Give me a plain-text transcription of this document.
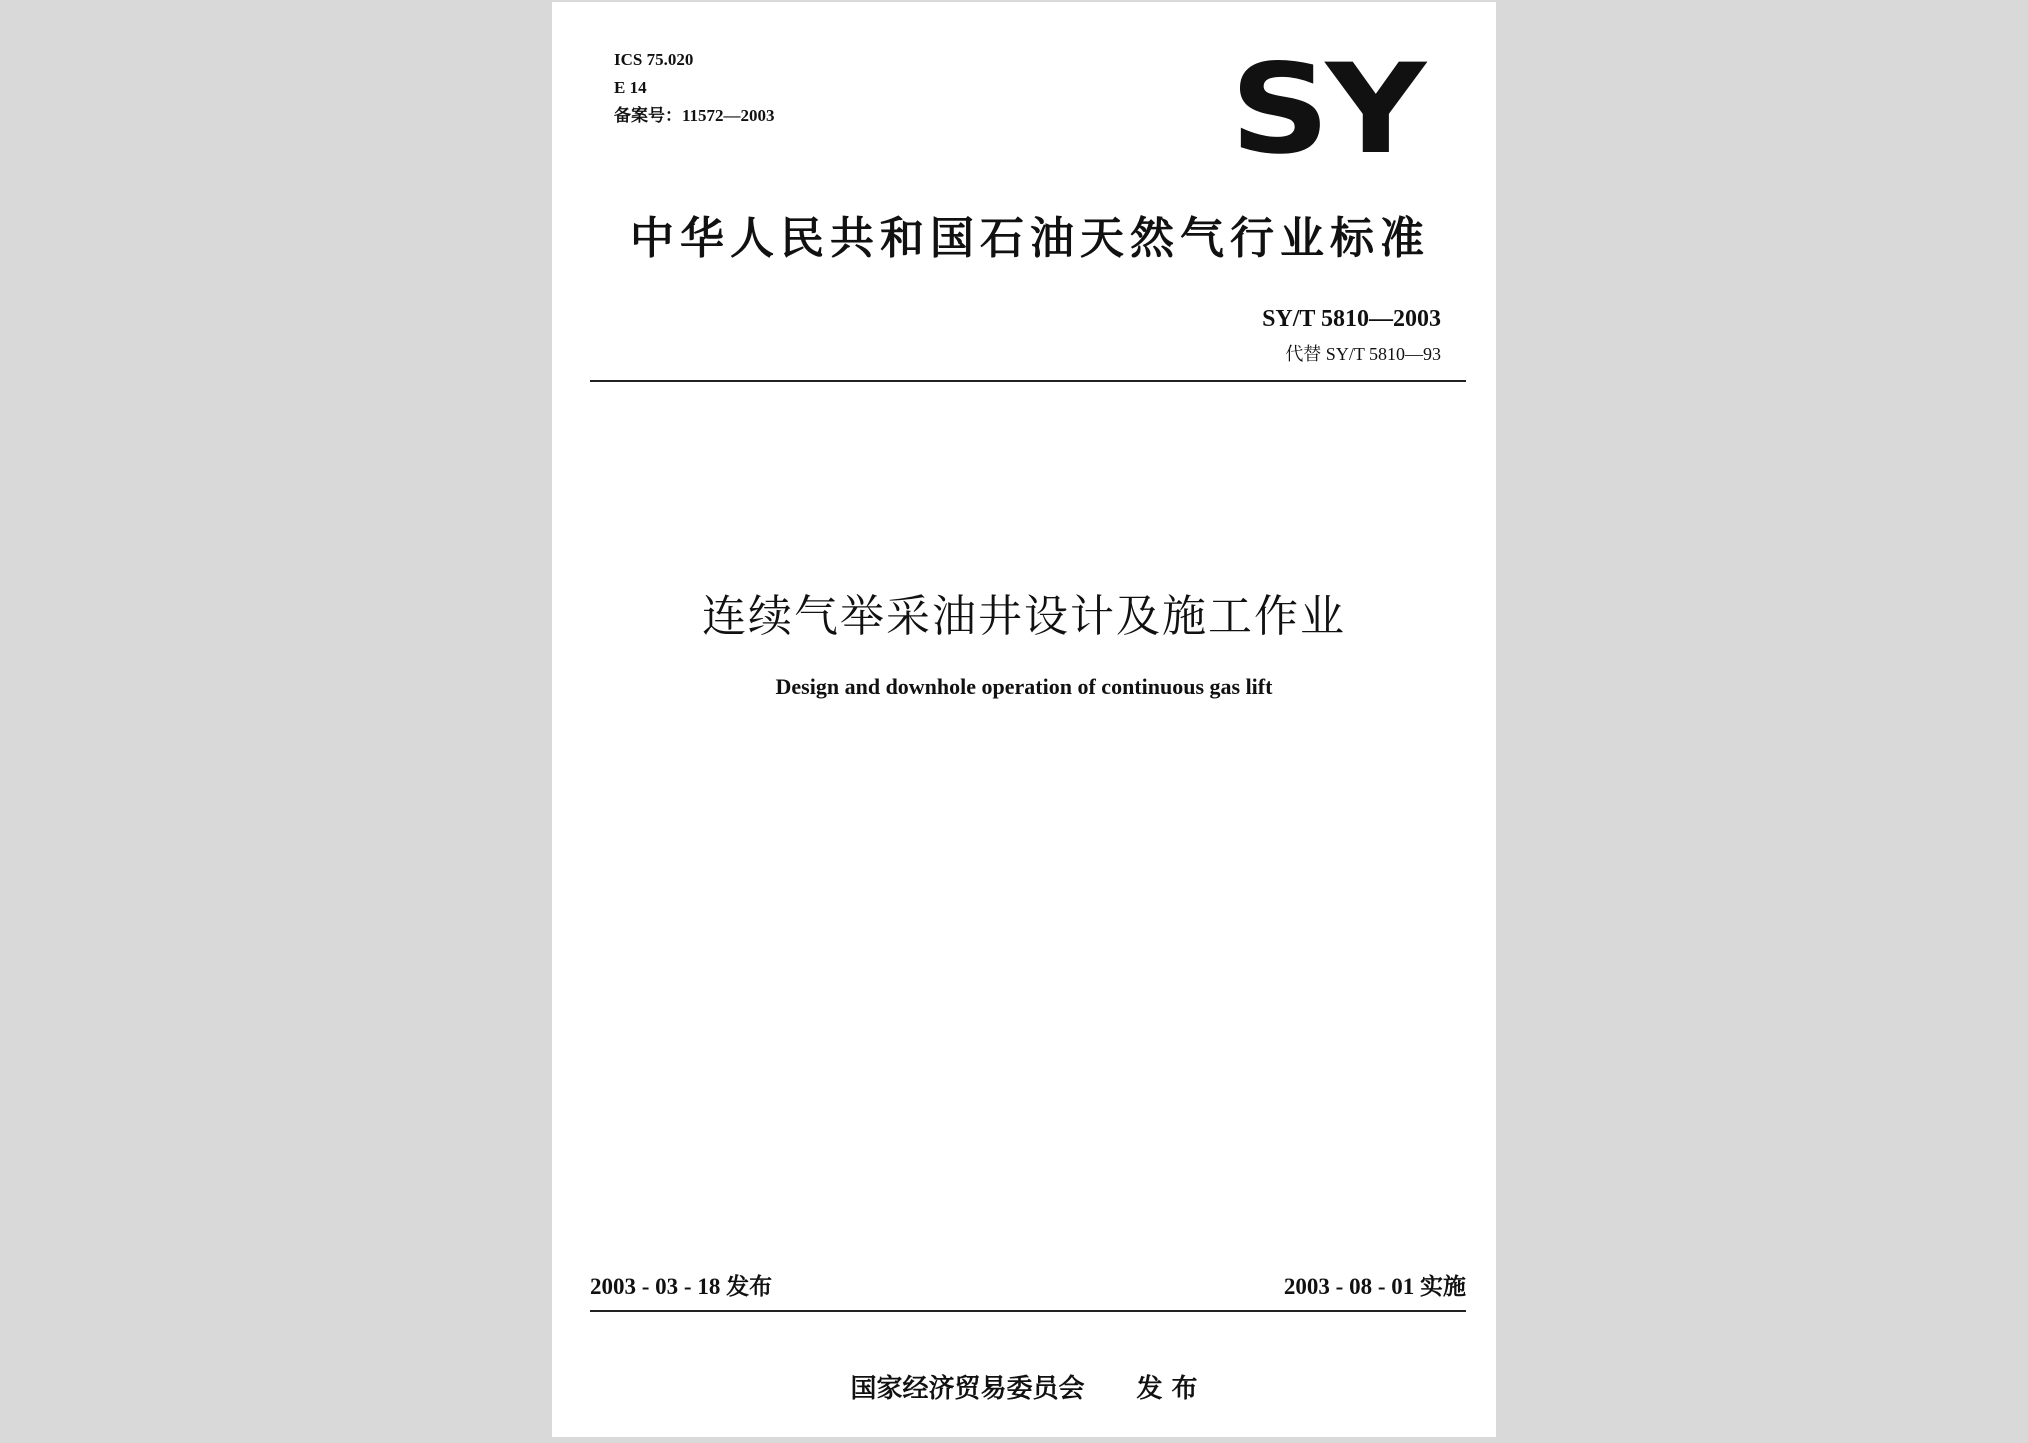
ICS 75.020
E 14
备案号：11572—2003	SY
中华人民共和国石油天然气行业标准
SY/T 5810—2003
代替 SY/T 5810—93
连续气举采油井设计及施工作业
Design and downhole operation of continuous gas lift
2003 - 03 - 18 发布	2003 - 08 - 01 实施
国家经济贸易委员会 发 布
